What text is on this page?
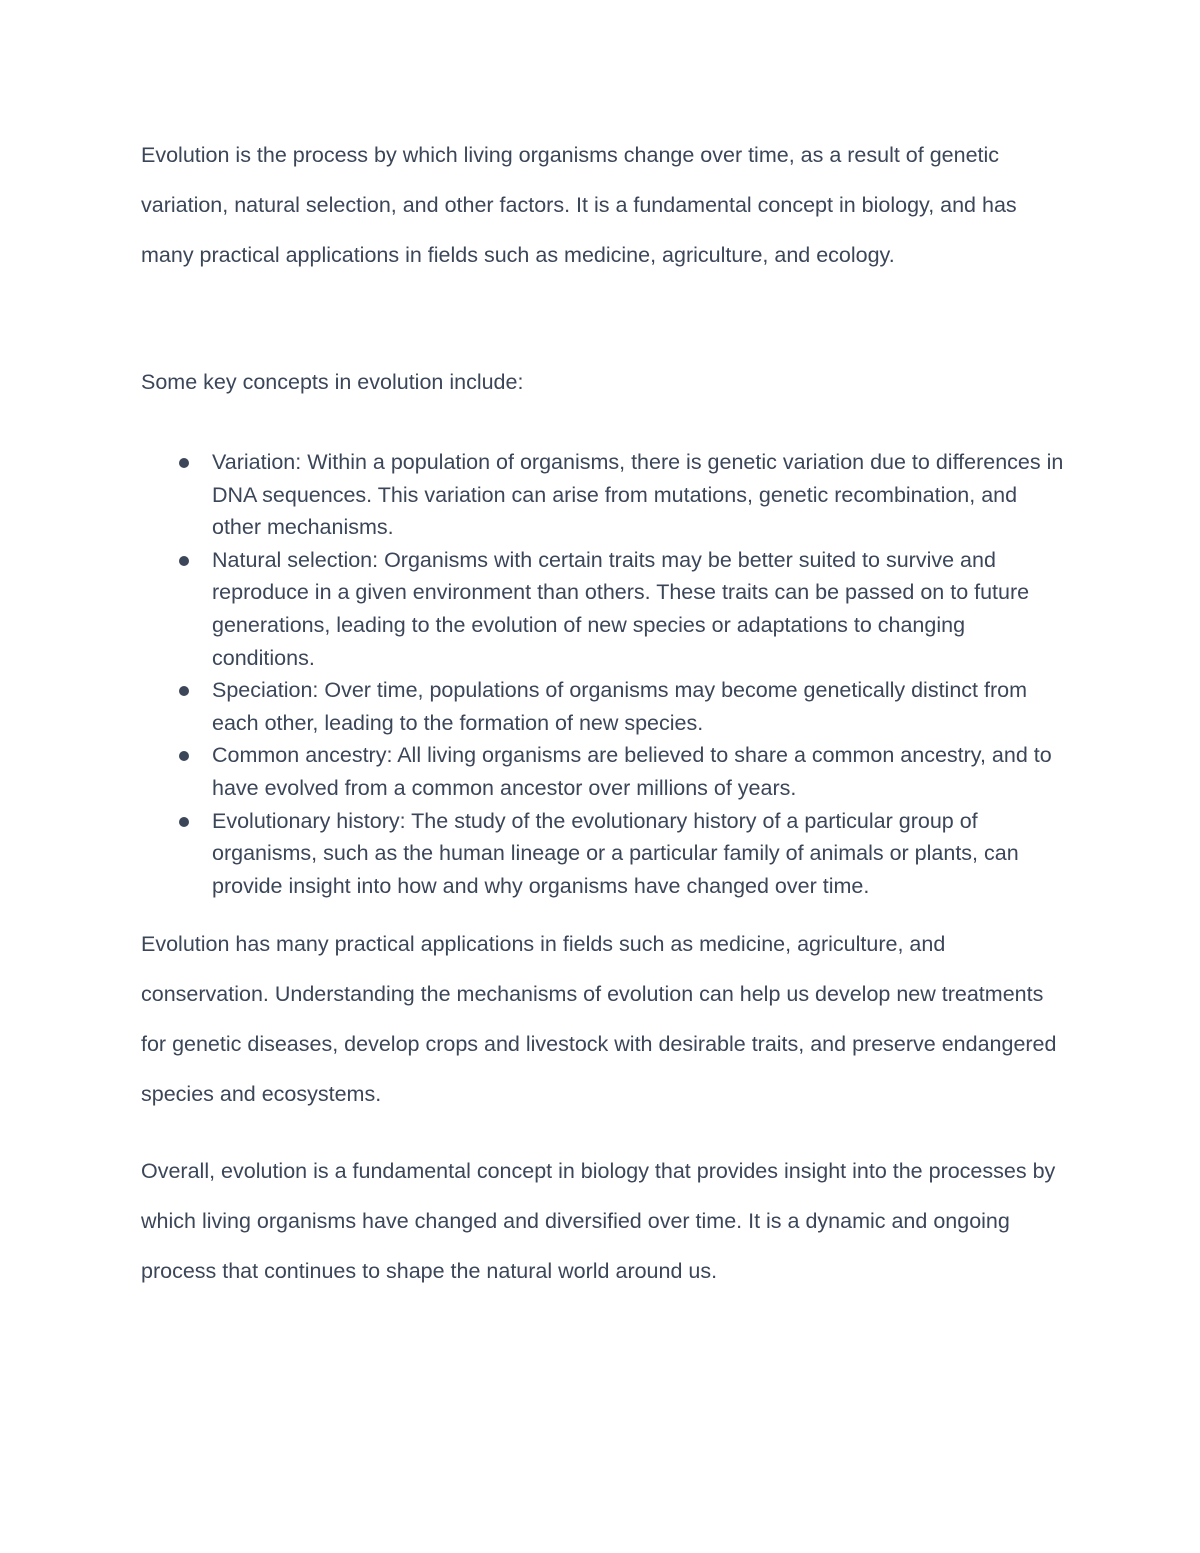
Evolution is the process by which living organisms change over time, as a result of genetic variation, natural selection, and other factors. It is a fundamental concept in biology, and has many practical applications in fields such as medicine, agriculture, and ecology.

Some key concepts in evolution include:

Variation: Within a population of organisms, there is genetic variation due to differences in DNA sequences. This variation can arise from mutations, genetic recombination, and other mechanisms.
Natural selection: Organisms with certain traits may be better suited to survive and reproduce in a given environment than others. These traits can be passed on to future generations, leading to the evolution of new species or adaptations to changing conditions.
Speciation: Over time, populations of organisms may become genetically distinct from each other, leading to the formation of new species.
Common ancestry: All living organisms are believed to share a common ancestry, and to have evolved from a common ancestor over millions of years.
Evolutionary history: The study of the evolutionary history of a particular group of organisms, such as the human lineage or a particular family of animals or plants, can provide insight into how and why organisms have changed over time.

Evolution has many practical applications in fields such as medicine, agriculture, and conservation. Understanding the mechanisms of evolution can help us develop new treatments for genetic diseases, develop crops and livestock with desirable traits, and preserve endangered species and ecosystems.

Overall, evolution is a fundamental concept in biology that provides insight into the processes by which living organisms have changed and diversified over time. It is a dynamic and ongoing process that continues to shape the natural world around us.
